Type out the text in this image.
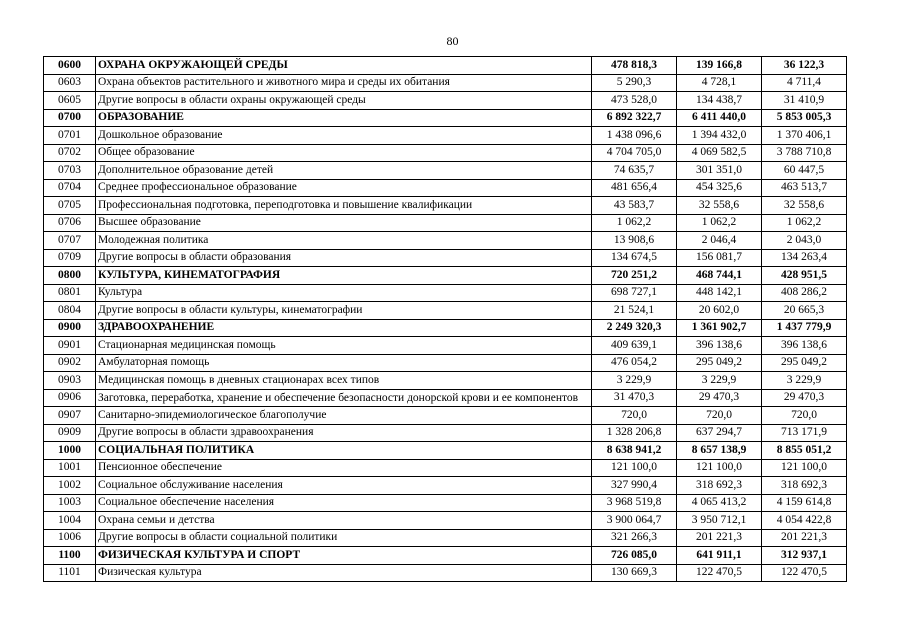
80
0600	ОХРАНА ОКРУЖАЮЩЕЙ СРЕДЫ	478 818,3	139 166,8	36 122,3
0603	Охрана объектов растительного и животного мира и среды их обитания	5 290,3	4 728,1	4 711,4
0605	Другие вопросы в области охраны окружающей среды	473 528,0	134 438,7	31 410,9
0700	ОБРАЗОВАНИЕ	6 892 322,7	6 411 440,0	5 853 005,3
0701	Дошкольное образование	1 438 096,6	1 394 432,0	1 370 406,1
0702	Общее образование	4 704 705,0	4 069 582,5	3 788 710,8
0703	Дополнительное образование детей	74 635,7	301 351,0	60 447,5
0704	Среднее профессиональное образование	481 656,4	454 325,6	463 513,7
0705	Профессиональная подготовка, переподготовка и повышение квалификации	43 583,7	32 558,6	32 558,6
0706	Высшее образование	1 062,2	1 062,2	1 062,2
0707	Молодежная политика	13 908,6	2 046,4	2 043,0
0709	Другие вопросы в области образования	134 674,5	156 081,7	134 263,4
0800	КУЛЬТУРА, КИНЕМАТОГРАФИЯ	720 251,2	468 744,1	428 951,5
0801	Культура	698 727,1	448 142,1	408 286,2
0804	Другие вопросы в области культуры, кинематографии	21 524,1	20 602,0	20 665,3
0900	ЗДРАВООХРАНЕНИЕ	2 249 320,3	1 361 902,7	1 437 779,9
0901	Стационарная медицинская помощь	409 639,1	396 138,6	396 138,6
0902	Амбулаторная помощь	476 054,2	295 049,2	295 049,2
0903	Медицинская помощь в дневных стационарах всех типов	3 229,9	3 229,9	3 229,9
0906	Заготовка, переработка, хранение и обеспечение безопасности донорской крови и ее компонентов	31 470,3	29 470,3	29 470,3
0907	Санитарно-эпидемиологическое благополучие	720,0	720,0	720,0
0909	Другие вопросы в области здравоохранения	1 328 206,8	637 294,7	713 171,9
1000	СОЦИАЛЬНАЯ ПОЛИТИКА	8 638 941,2	8 657 138,9	8 855 051,2
1001	Пенсионное обеспечение	121 100,0	121 100,0	121 100,0
1002	Социальное обслуживание населения	327 990,4	318 692,3	318 692,3
1003	Социальное обеспечение населения	3 968 519,8	4 065 413,2	4 159 614,8
1004	Охрана семьи и детства	3 900 064,7	3 950 712,1	4 054 422,8
1006	Другие вопросы в области социальной политики	321 266,3	201 221,3	201 221,3
1100	ФИЗИЧЕСКАЯ КУЛЬТУРА И СПОРТ	726 085,0	641 911,1	312 937,1
1101	Физическая культура	130 669,3	122 470,5	122 470,5
